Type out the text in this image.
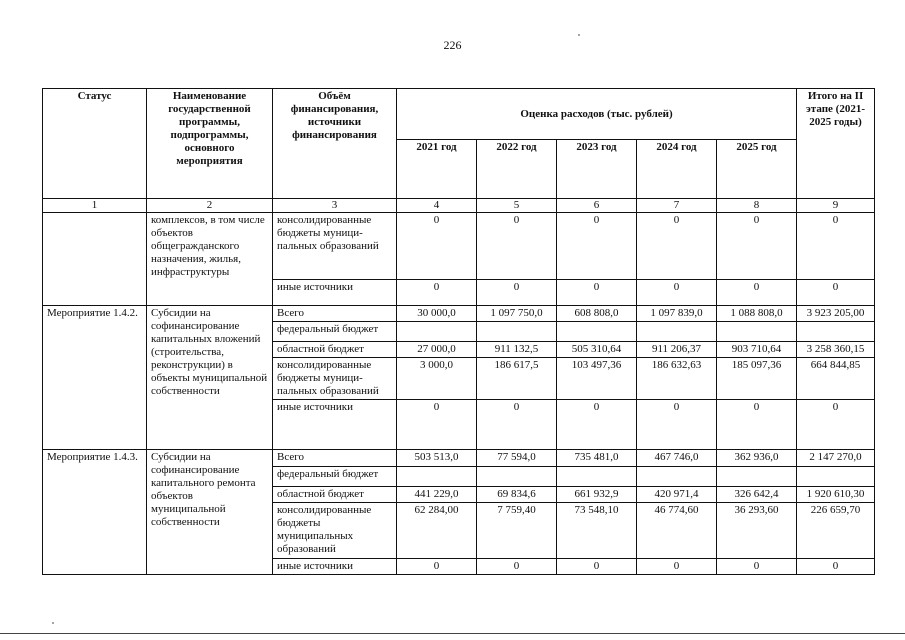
226
Статус	Наименование государственной программы, подпрограммы, основного мероприятия	Объём финансирования, источники финансирования	Оценка расходов (тыс. рублей)					Итого на II этапе (2021-2025 годы)
			2021 год	2022 год	2023 год	2024 год	2025 год	
1	2	3	4	5	6	7	8	9
	комплексов, в том числе объектов общегражданского назначения, жилья, инфраструктуры	консолидированные бюджеты муници-пальных образований	0	0	0	0	0	0
		иные источники	0	0	0	0	0	0
Мероприятие 1.4.2.	Субсидии на софинансирование капитальных вложений (строительства, реконструкции) в объекты муниципальной собственности	Всего	30 000,0	1 097 750,0	608 808,0	1 097 839,0	1 088 808,0	3 923 205,00
		федеральный бюджет						
		областной бюджет	27 000,0	911 132,5	505 310,64	911 206,37	903 710,64	3 258 360,15
		консолидированные бюджеты муници-пальных образований	3 000,0	186 617,5	103 497,36	186 632,63	185 097,36	664 844,85
		иные источники	0	0	0	0	0	0
Мероприятие 1.4.3.	Субсидии на софинансирование капитального ремонта объектов муниципальной собственности	Всего	503 513,0	77 594,0	735 481,0	467 746,0	362 936,0	2 147 270,0
		федеральный бюджет						
		областной бюджет	441 229,0	69 834,6	661 932,9	420 971,4	326 642,4	1 920 610,30
		консолидированные бюджеты муниципальных образований	62 284,00	7 759,40	73 548,10	46 774,60	36 293,60	226 659,70
		иные источники	0	0	0	0	0	0
